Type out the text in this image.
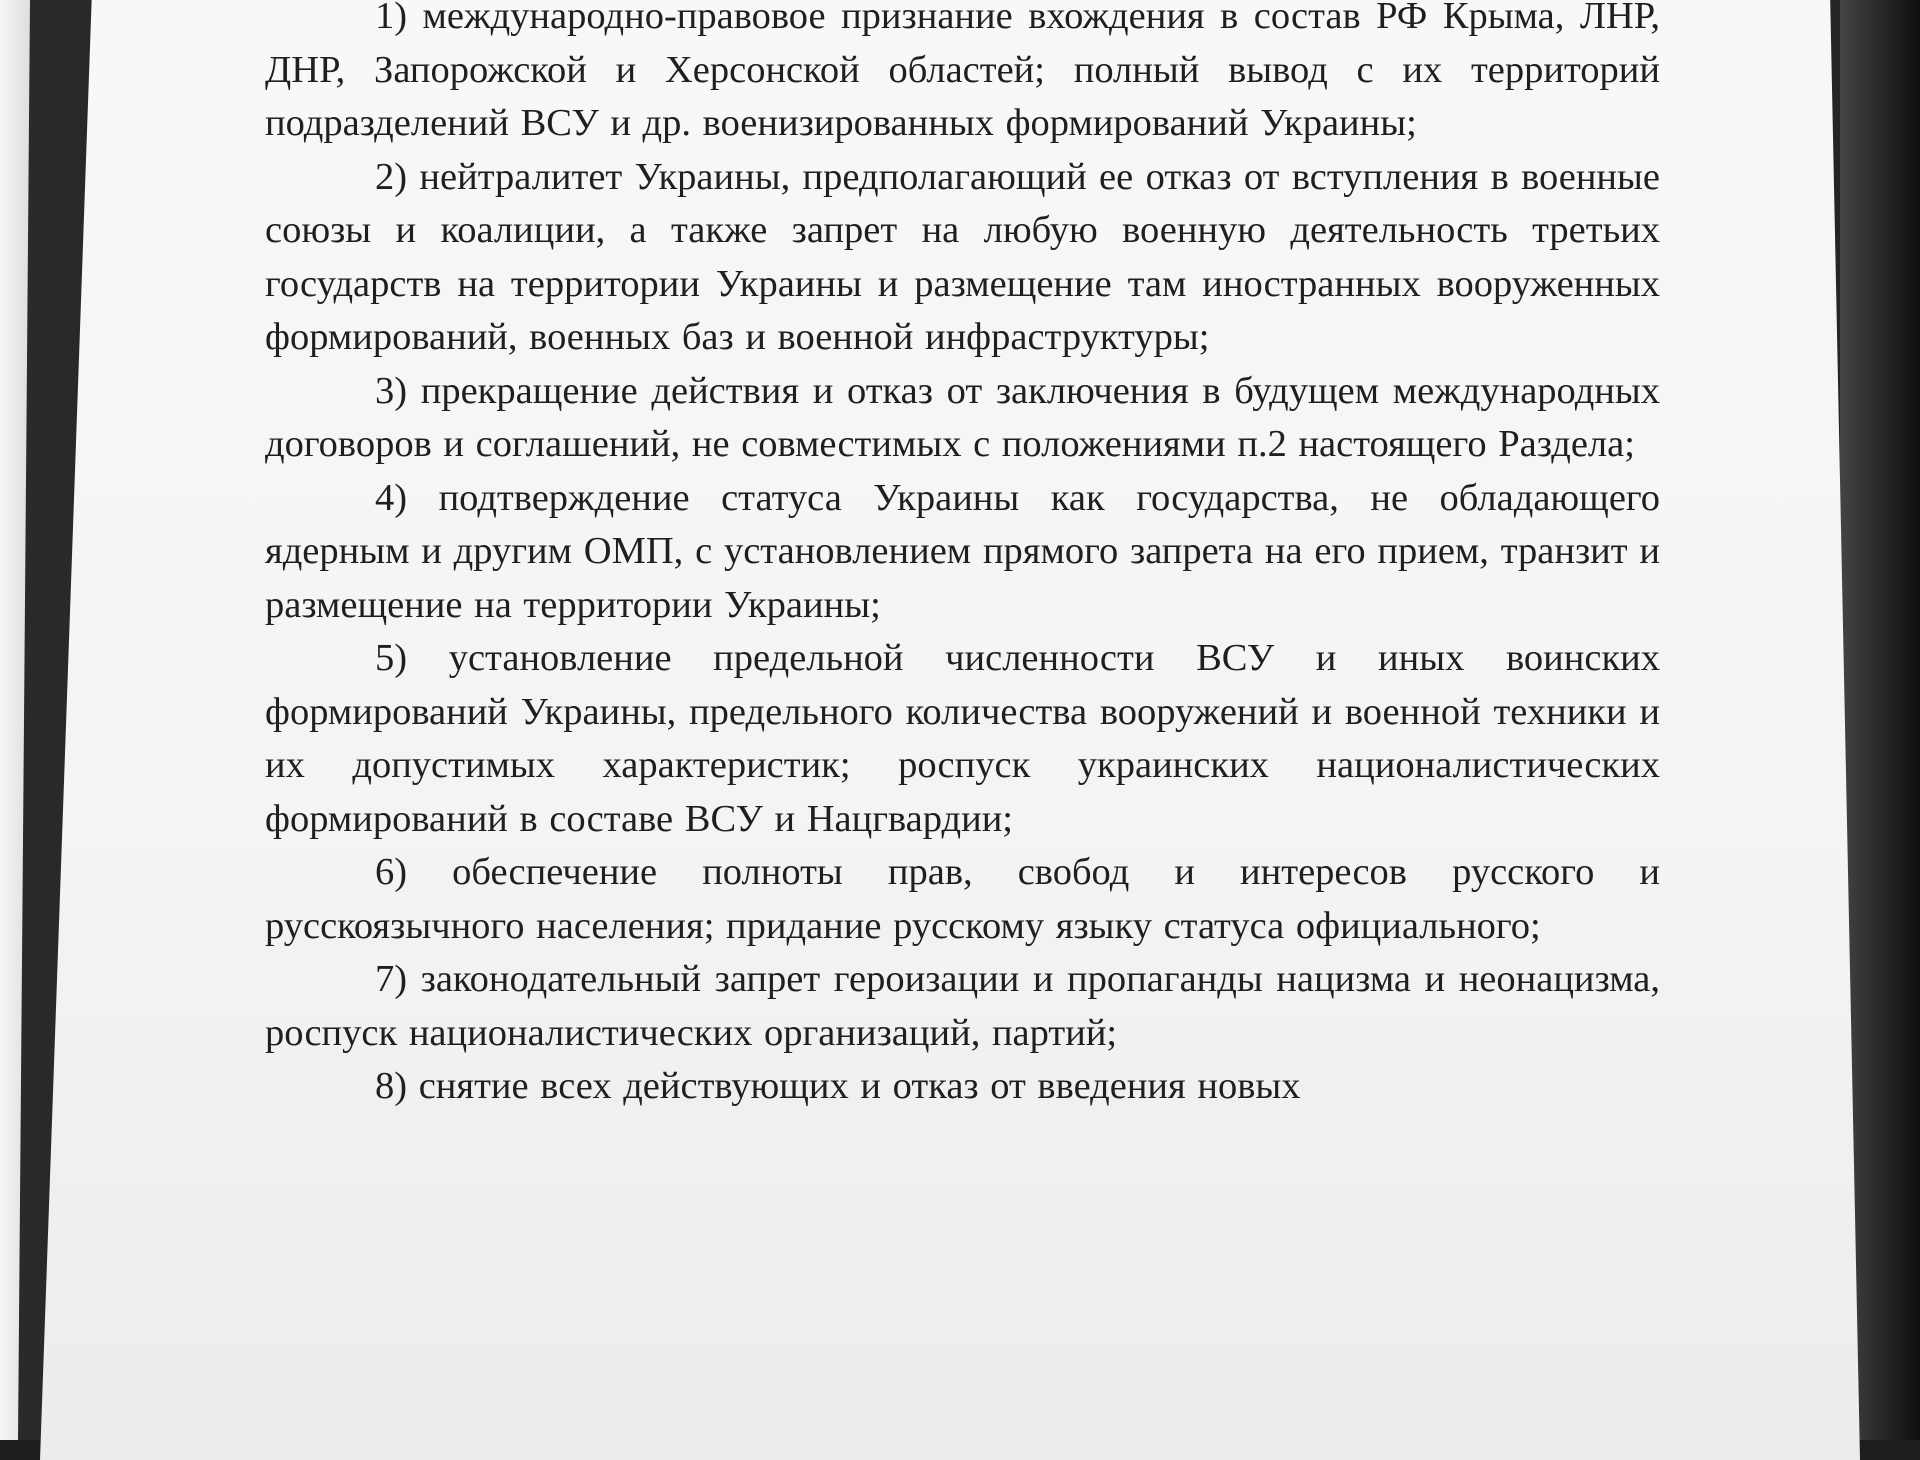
1) международно-правовое признание вхождения в состав РФ Крыма, ЛНР, ДНР, Запорожской и Херсонской областей; полный вывод с их территорий подразделений ВСУ и др. военизированных формирований Украины;

2) нейтралитет Украины, предполагающий ее отказ от вступления в военные союзы и коалиции, а также запрет на любую военную деятельность третьих государств на территории Украины и размещение там иностранных вооруженных формирований, военных баз и военной инфраструктуры;

3) прекращение действия и отказ от заключения в будущем международных договоров и соглашений, не совместимых с положениями п.2 настоящего Раздела;

4) подтверждение статуса Украины как государства, не обладающего ядерным и другим ОМП, с установлением прямого запрета на его прием, транзит и размещение на территории Украины;

5) установление предельной численности ВСУ и иных воинских формирований Украины, предельного количества вооружений и военной техники и их допустимых характеристик; роспуск украинских националистических формирований в составе ВСУ и Нацгвардии;

6) обеспечение полноты прав, свобод и интересов русского и русскоязычного населения; придание русскому языку статуса официального;

7) законодательный запрет героизации и пропаганды нацизма и неонацизма, роспуск националистических организаций, партий;

8) снятие всех действующих и отказ от введения новых
